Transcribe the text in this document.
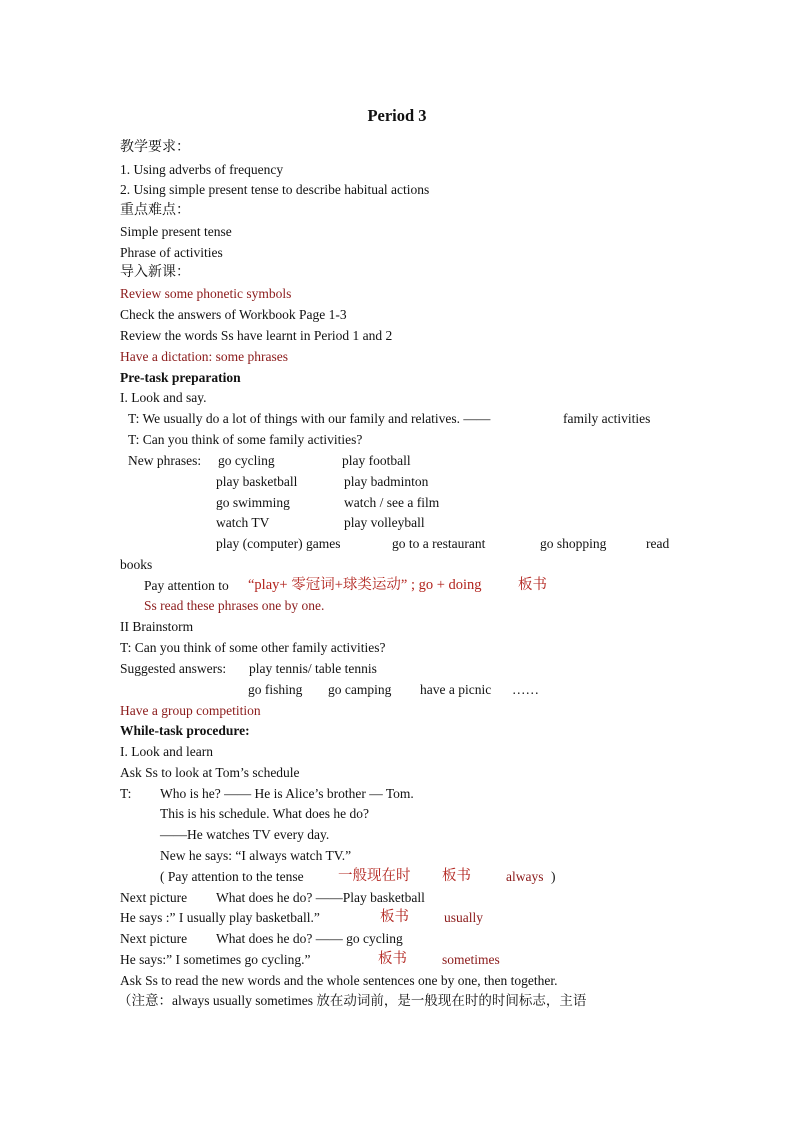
Period 3
教学要求：
1. Using adverbs of frequency
2. Using simple present tense to describe habitual actions
重点难点：
Simple present tense
Phrase of activities
导入新课：
Review some phonetic symbols
Check the answers of Workbook Page 1-3
Review the words Ss have learnt in Period 1 and 2
Have a dictation: some phrases
Pre-task preparation
I. Look and say.
T: We usually do a lot of things with our family and relatives. ——	family activities
T: Can you think of some family activities?
New phrases: go cycling	play football
play basketball	play badminton
go swimming	watch / see a film
watch TV	play volleyball
play (computer) games	go to a restaurant	go shopping	read
books
Pay attention to “play+ 零冠词+球类运动” ; go + doing	板书
Ss read these phrases one by one.
II Brainstorm
T: Can you think of some other family activities?
Suggested answers: play tennis/ table tennis
go fishing go camping have a picnic ……
Have a group competition
While-task procedure:
I. Look and learn
Ask Ss to look at Tom’s schedule
T: Who is he? —— He is Alice’s brother — Tom.
This is his schedule. What does he do?
——He watches TV every day.
New he says: “I always watch TV.”
( Pay attention to the tense 一般现在时 板书	always )
Next picture What does he do? ——Play basketball
He says :” I usually play basketball.”	板书	usually
Next picture What does he do? —— go cycling
He says:” I sometimes go cycling.”	板书	sometimes
Ask Ss to read the new words and the whole sentences one by one, then together.
（注意：always usually sometimes 放在动词前，是一般现在时的时间标志，主语
